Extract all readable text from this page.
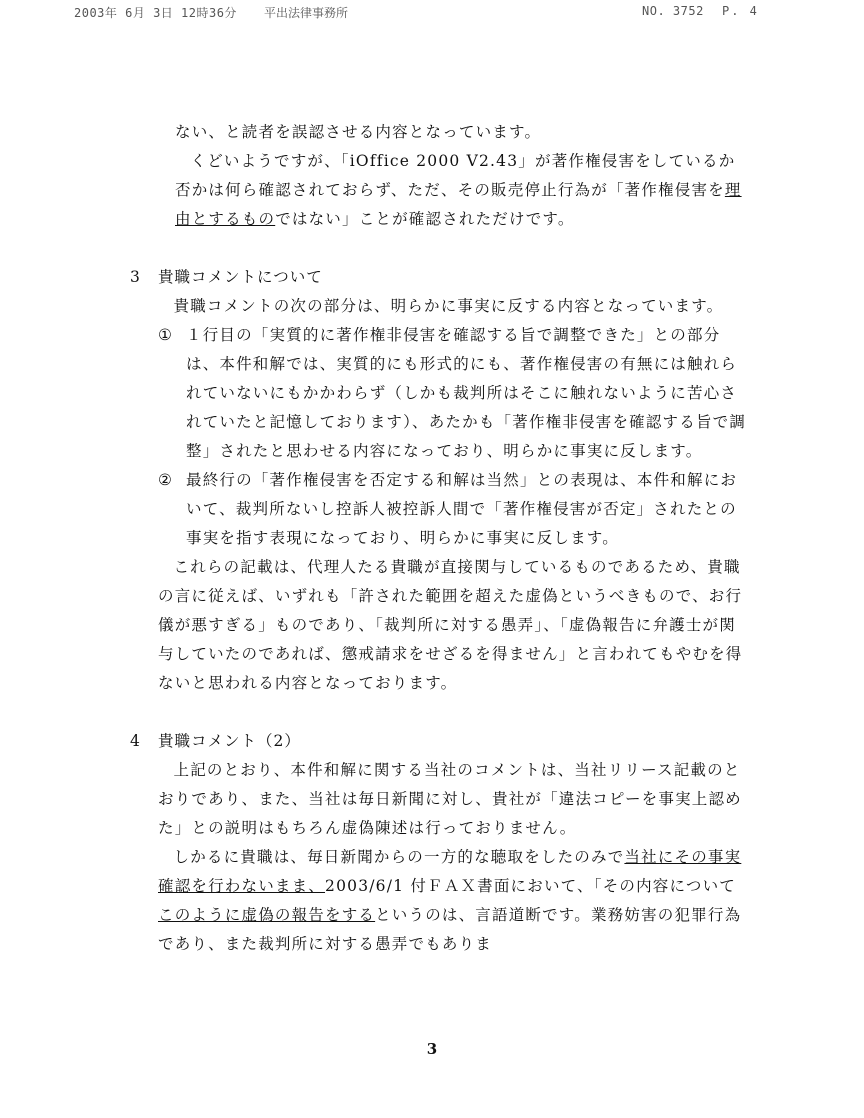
2003年 6月 3日 12時36分 平出法律事務所	NO. 3752 P. 4

ない、と読者を誤認させる内容となっています。

くどいようですが、「iOffice 2000 V2.43」が著作権侵害をしているか否かは何ら確認されておらず、ただ、その販売停止行為が「著作権侵害を理由とするものではない」ことが確認されただけです。

3	貴職コメントについて

貴職コメントの次の部分は、明らかに事実に反する内容となっています。

① １行目の「実質的に著作権非侵害を確認する旨で調整できた」との部分は、本件和解では、実質的にも形式的にも、著作権侵害の有無には触れられていないにもかかわらず（しかも裁判所はそこに触れないように苦心されていたと記憶しております）、あたかも「著作権非侵害を確認する旨で調整」されたと思わせる内容になっており、明らかに事実に反します。
② 最終行の「著作権侵害を否定する和解は当然」との表現は、本件和解において、裁判所ないし控訴人被控訴人間で「著作権侵害が否定」されたとの事実を指す表現になっており、明らかに事実に反します。

これらの記載は、代理人たる貴職が直接関与しているものであるため、貴職の言に従えば、いずれも「許された範囲を超えた虚偽というべきもので、お行儀が悪すぎる」ものであり、「裁判所に対する愚弄」、「虚偽報告に弁護士が関与していたのであれば、懲戒請求をせざるを得ません」と言われてもやむを得ないと思われる内容となっております。

4	貴職コメント（2）

上記のとおり、本件和解に関する当社のコメントは、当社リリース記載のとおりであり、また、当社は毎日新聞に対し、貴社が「違法コピーを事実上認めた」との説明はもちろん虚偽陳述は行っておりません。

しかるに貴職は、毎日新聞からの一方的な聴取をしたのみで当社にその事実確認を行わないまま、2003/6/1 付ＦＡＸ書面において、「その内容についてこのように虚偽の報告をするというのは、言語道断です。業務妨害の犯罪行為であり、また裁判所に対する愚弄でもありま

3
